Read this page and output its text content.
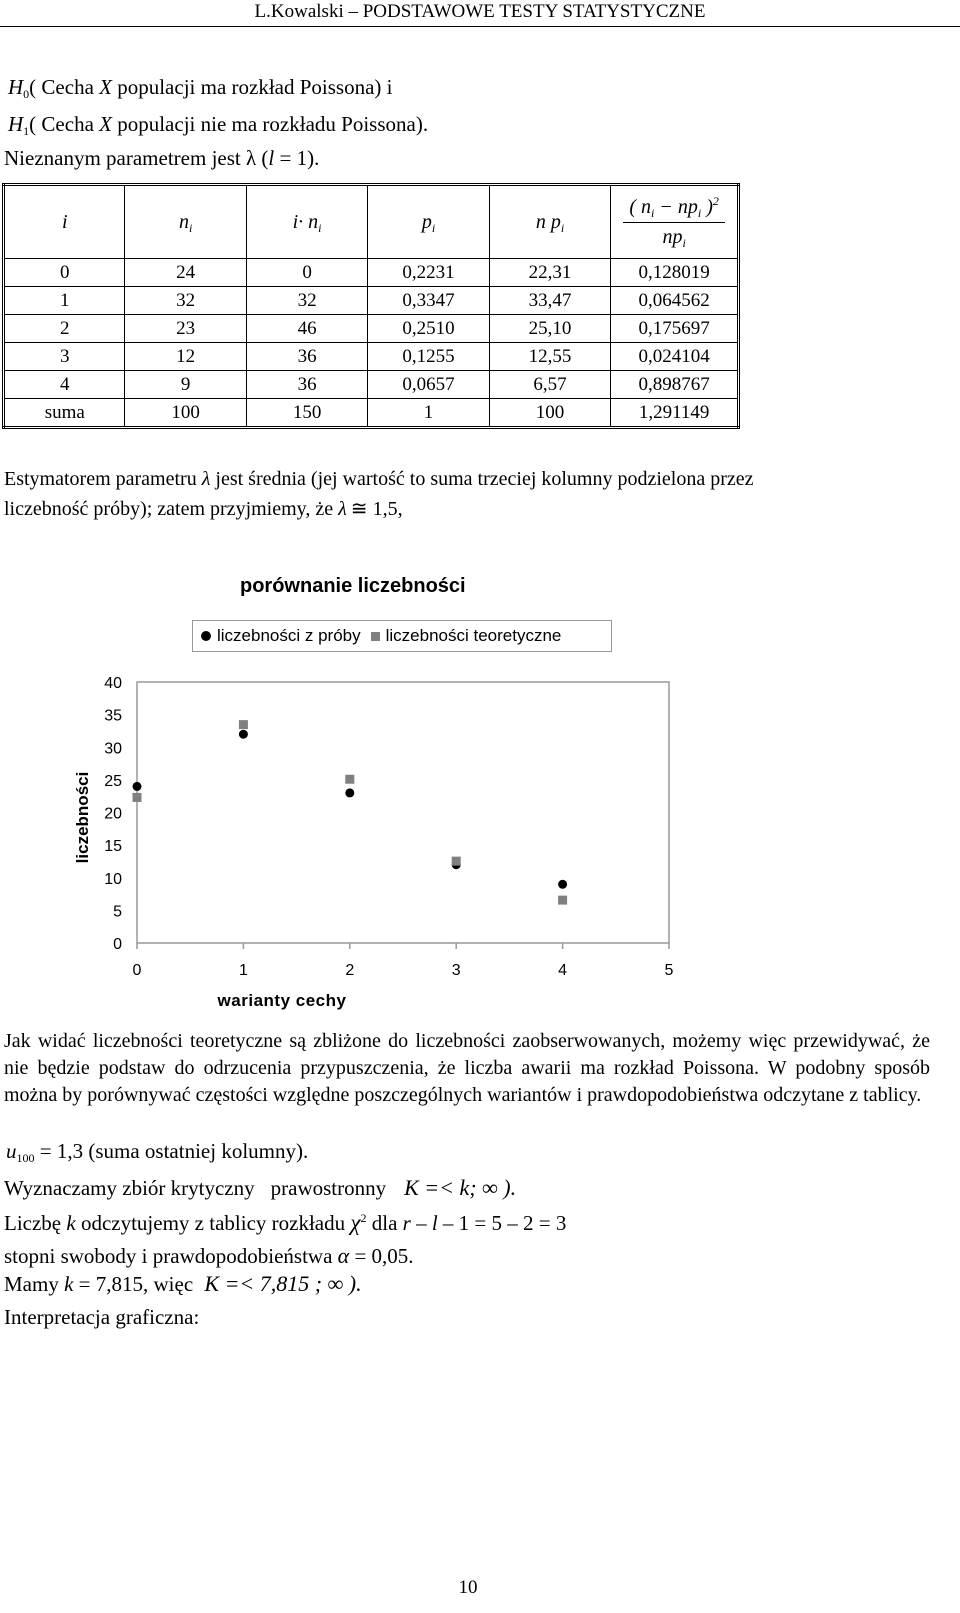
L.Kowalski – PODSTAWOWE TESTY STATYSTYCZNE
$H_0$( Cecha X populacji ma rozkład Poissona) i
$H_1$( Cecha X populacji nie ma rozkładu Poissona).
Nieznanym parametrem jest λ (l = 1).
i	$n_i$	$i\cdot n_i$	$p_i$	n $p_i$	$\frac{( n_i - np_i )^2}{np_i}$

0	24	0	0,2231	22,31	0,128019
1	32	32	0,3347	33,47	0,064562
2	23	46	0,2510	25,10	0,175697
3	12	36	0,1255	12,55	0,024104
4	9	36	0,0657	6,57	0,898767
suma	100	150	1	100	1,291149
Estymatorem parametru λ jest średnia (jej wartość to suma trzeciej kolumny podzielona przez
liczebność próby); zatem przyjmiemy, że λ ≅ 1,5,
porównanie liczebności
liczebności z próby liczebności teoretyczne
0
5
10
15
20
25
30
35
40
0	1	2	3	4	5
warianty cechy
liczebności
Jak widać liczebności teoretyczne są zbliżone do liczebności zaobserwowanych, możemy więc przewidywać, że nie będzie podstaw do odrzucenia przypuszczenia, że liczba awarii ma rozkład Poissona. W podobny sposób można by porównywać częstości względne poszczególnych wariantów i prawdopodobieństwa odczytane z tablicy.
$u_{100} = 1,3$ (suma ostatniej kolumny).
Wyznaczamy zbiór krytyczny prawostronny K =< k; ∞ ).
Liczbę k odczytujemy z tablicy rozkładu $\chi^2$ dla r – l – 1 = 5 – 2 = 3
stopni swobody i prawdopodobieństwa α = 0,05.
Mamy k = 7,815, więc K =< 7,815 ; ∞ ).
Interpretacja graficzna:
10
